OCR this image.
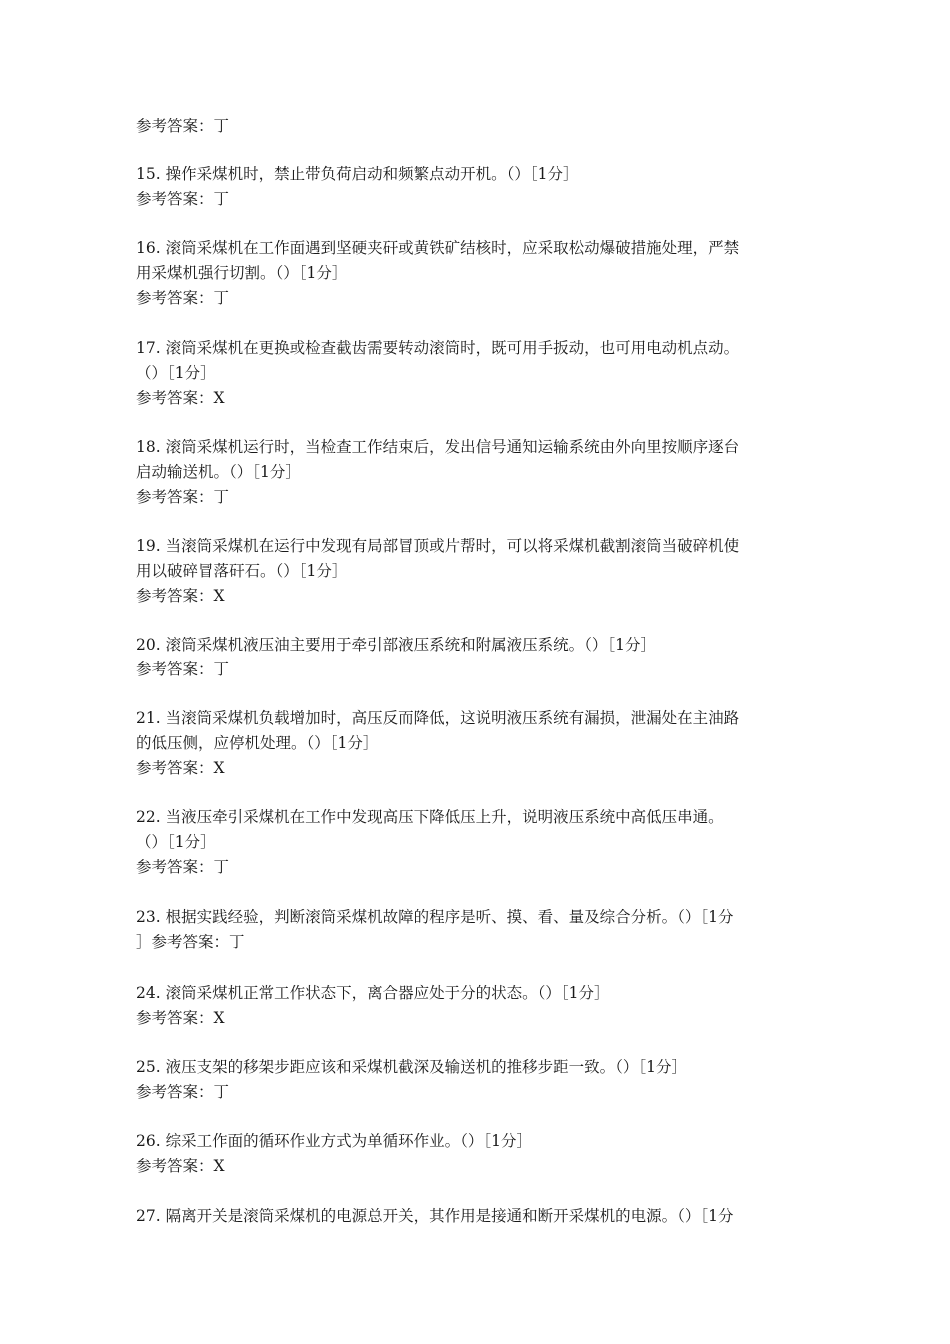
参考答案：丁
15. 操作采煤机时，禁止带负荷启动和频繁点动开机。（）［1分］
参考答案：丁
16. 滚筒采煤机在工作面遇到坚硬夹矸或黄铁矿结核时，应采取松动爆破措施处理，严禁
用采煤机强行切割。（）［1分］
参考答案：丁
17. 滚筒采煤机在更换或检查截齿需要转动滚筒时，既可用手扳动，也可用电动机点动。
（）［1分］
参考答案：X
18. 滚筒采煤机运行时，当检查工作结束后，发出信号通知运输系统由外向里按顺序逐台
启动输送机。（）［1分］
参考答案：丁
19. 当滚筒采煤机在运行中发现有局部冒顶或片帮时，可以将采煤机截割滚筒当破碎机使
用以破碎冒落矸石。（）［1分］
参考答案：X
20. 滚筒采煤机液压油主要用于牵引部液压系统和附属液压系统。（）［1分］
参考答案：丁
21. 当滚筒采煤机负载增加时，高压反而降低，这说明液压系统有漏损，泄漏处在主油路
的低压侧，应停机处理。（）［1分］
参考答案：X
22. 当液压牵引采煤机在工作中发现高压下降低压上升，说明液压系统中高低压串通。
（）［1分］
参考答案：丁
23. 根据实践经验，判断滚筒采煤机故障的程序是听、摸、看、量及综合分析。（）［1分
］参考答案：丁
24. 滚筒采煤机正常工作状态下，离合器应处于分的状态。（）［1分］
参考答案：X
25. 液压支架的移架步距应该和采煤机截深及输送机的推移步距一致。（）［1分］
参考答案：丁
26. 综采工作面的循环作业方式为单循环作业。（）［1分］
参考答案：X
27. 隔离开关是滚筒采煤机的电源总开关，其作用是接通和断开采煤机的电源。（）［1分
